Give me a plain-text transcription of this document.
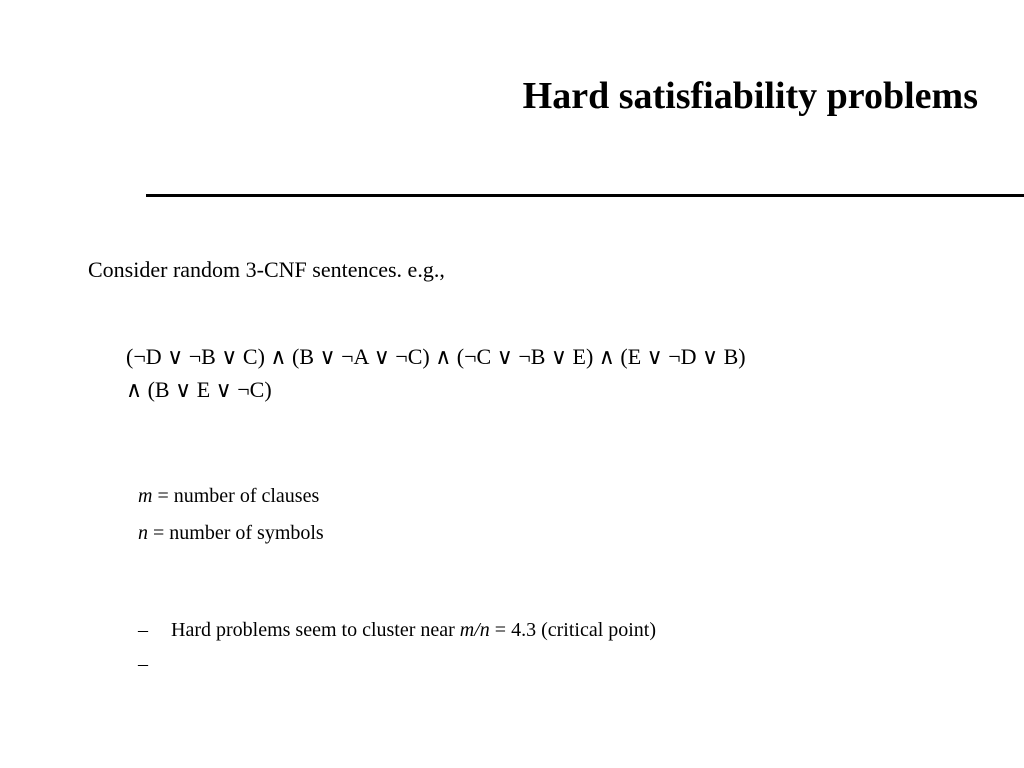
Hard satisfiability problems
Consider random 3-CNF sentences. e.g.,
(¬D ∨ ¬B ∨ C) ∧ (B ∨ ¬A ∨ ¬C) ∧ (¬C ∨ ¬B ∨ E) ∧ (E ∨ ¬D ∨ B)
∧ (B ∨ E ∨ ¬C)
m = number of clauses
n = number of symbols
– Hard problems seem to cluster near m/n = 4.3 (critical point)
–
